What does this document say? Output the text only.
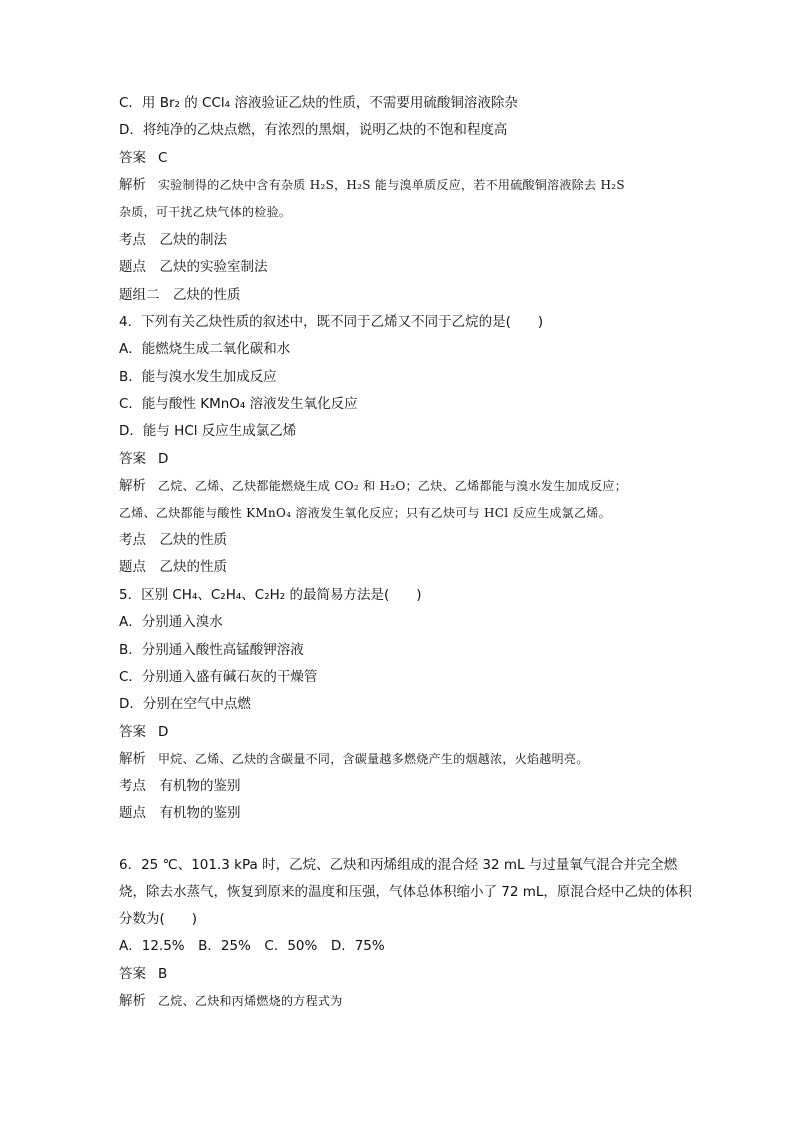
C．用 Br₂ 的 CCl₄ 溶液验证乙炔的性质，不需要用硫酸铜溶液除杂
D．将纯净的乙炔点燃，有浓烈的黑烟，说明乙炔的不饱和程度高
答案 C
解析 实验制得的乙炔中含有杂质 H₂S，H₂S 能与溴单质反应，若不用硫酸铜溶液除去 H₂S
杂质，可干扰乙炔气体的检验。
考点　乙炔的制法
题点　乙炔的实验室制法
题组二　乙炔的性质
4．下列有关乙炔性质的叙述中，既不同于乙烯又不同于乙烷的是(　　)
A．能燃烧生成二氧化碳和水
B．能与溴水发生加成反应
C．能与酸性 KMnO₄ 溶液发生氧化反应
D．能与 HCl 反应生成氯乙烯
答案 D
解析 乙烷、乙烯、乙炔都能燃烧生成 CO₂ 和 H₂O；乙炔、乙烯都能与溴水发生加成反应；
乙烯、乙炔都能与酸性 KMnO₄ 溶液发生氧化反应；只有乙炔可与 HCl 反应生成氯乙烯。
考点　乙炔的性质
题点　乙炔的性质
5．区别 CH₄、C₂H₄、C₂H₂ 的最简易方法是(　　)
A．分别通入溴水
B．分别通入酸性高锰酸钾溶液
C．分别通入盛有碱石灰的干燥管
D．分别在空气中点燃
答案 D
解析 甲烷、乙烯、乙炔的含碳量不同，含碳量越多燃烧产生的烟越浓，火焰越明亮。
考点　有机物的鉴别
题点　有机物的鉴别
6．25 ℃、101.3 kPa 时，乙烷、乙炔和丙烯组成的混合烃 32 mL 与过量氧气混合并完全燃烧，除去水蒸气，恢复到原来的温度和压强，气体总体积缩小了 72 mL，原混合烃中乙炔的体积分数为(　　)
A．12.5%　B．25%　C．50%　D．75%
答案 B
解析 乙烷、乙炔和丙烯燃烧的方程式为
